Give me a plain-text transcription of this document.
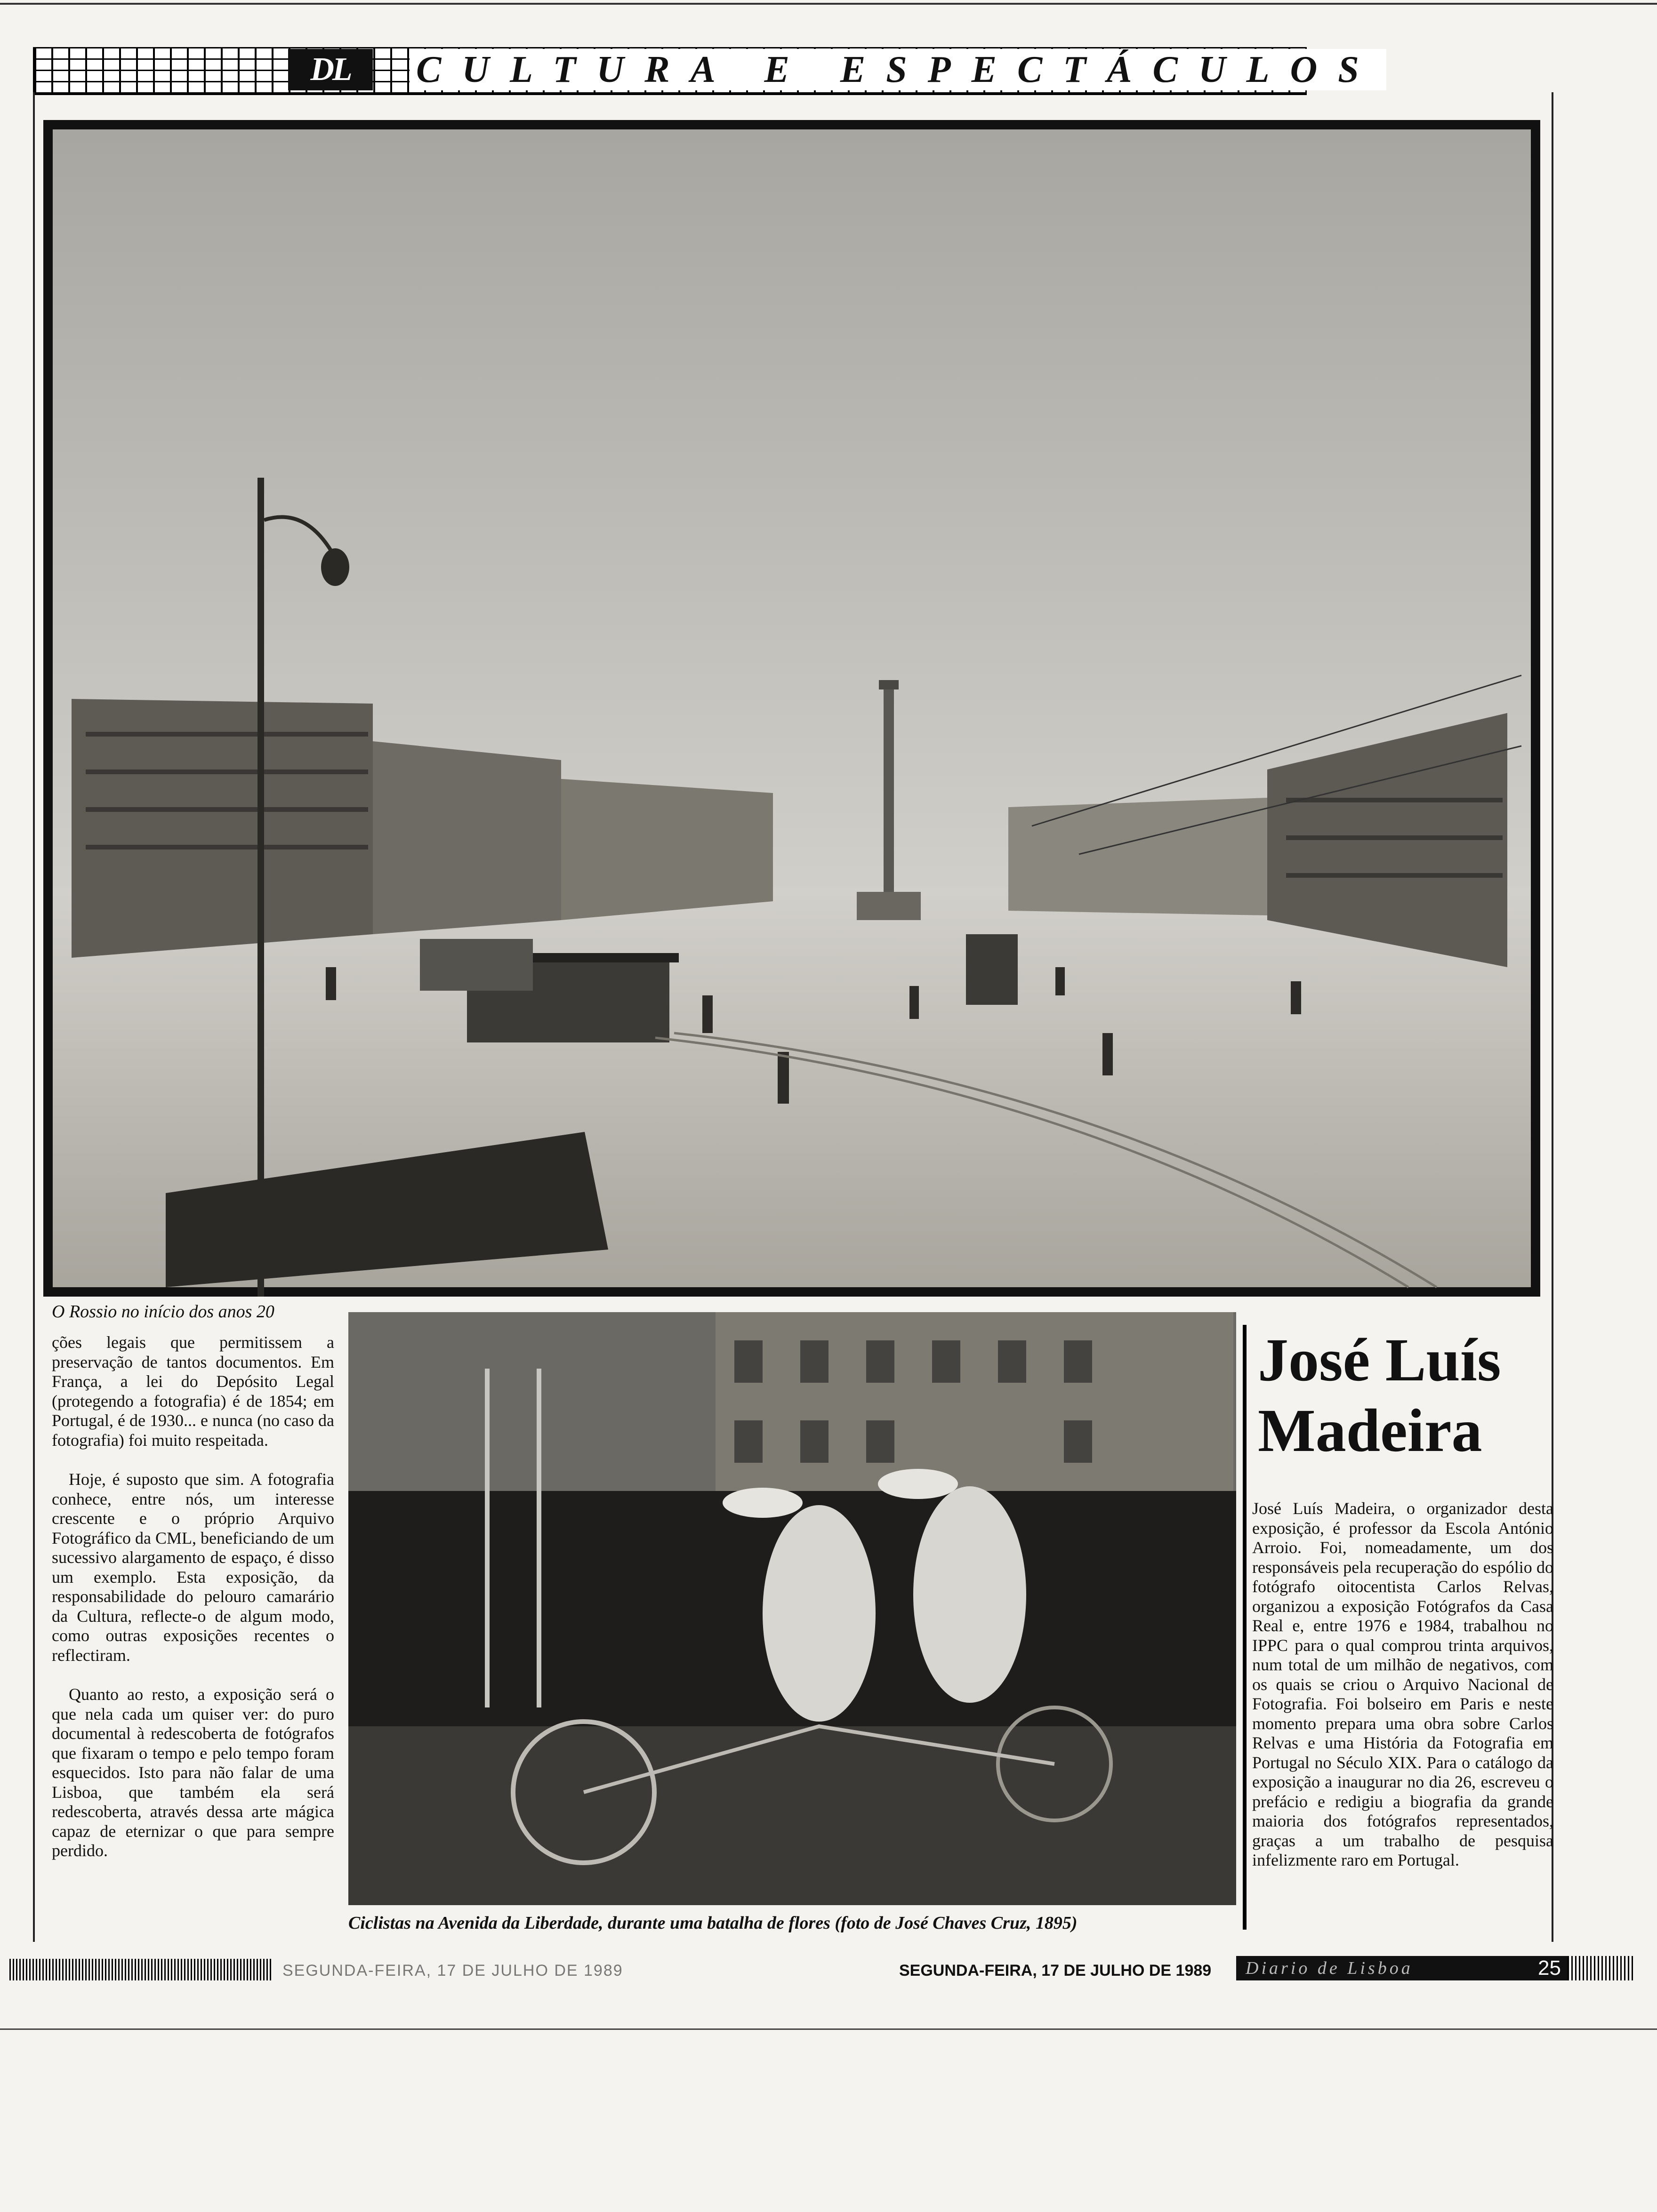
DL	CULTURA E ESPECTÁCULOS
O Rossio no início dos anos 20

ções legais que permitissem a preservação de tantos documentos. Em França, a lei do Depósito Legal (protegendo a fotografia) é de 1854; em Portugal, é de 1930... e nunca (no caso da fotografia) foi muito respeitada.

Hoje, é suposto que sim. A fotografia conhece, entre nós, um interesse crescente e o próprio Arquivo Fotográfico da CML, beneficiando de um sucessivo alargamento de espaço, é disso um exemplo. Esta exposição, da responsabilidade do pelouro camarário da Cultura, reflecte-o de algum modo, como outras exposições recentes o reflectiram.

Quanto ao resto, a exposição será o que nela cada um quiser ver: do puro documental à redescoberta de fotógrafos que fixaram o tempo e pelo tempo foram esquecidos. Isto para não falar de uma Lisboa, que também ela será redescoberta, através dessa arte mágica capaz de eternizar o que para sempre perdido.

Ciclistas na Avenida da Liberdade, durante uma batalha de flores (foto de José Chaves Cruz, 1895)
José Luís Madeira
José Luís Madeira, o organizador desta exposição, é professor da Escola António Arroio. Foi, nomeadamente, um dos responsáveis pela recuperação do espólio do fotógrafo oitocentista Carlos Relvas, organizou a exposição Fotógrafos da Casa Real e, entre 1976 e 1984, trabalhou no IPPC para o qual comprou trinta arquivos, num total de um milhão de negativos, com os quais se criou o Arquivo Nacional de Fotografia. Foi bolseiro em Paris e neste momento prepara uma obra sobre Carlos Relvas e uma História da Fotografia em Portugal no Século XIX. Para o catálogo da exposição a inaugurar no dia 26, escreveu o prefácio e redigiu a biografia da grande maioria dos fotógrafos representados, graças a um trabalho de pesquisa infelizmente raro em Portugal.
SEGUNDA-FEIRA, 17 DE JULHO DE 1989	SEGUNDA-FEIRA, 17 DE JULHO DE 1989	Diario de Lisboa	25
